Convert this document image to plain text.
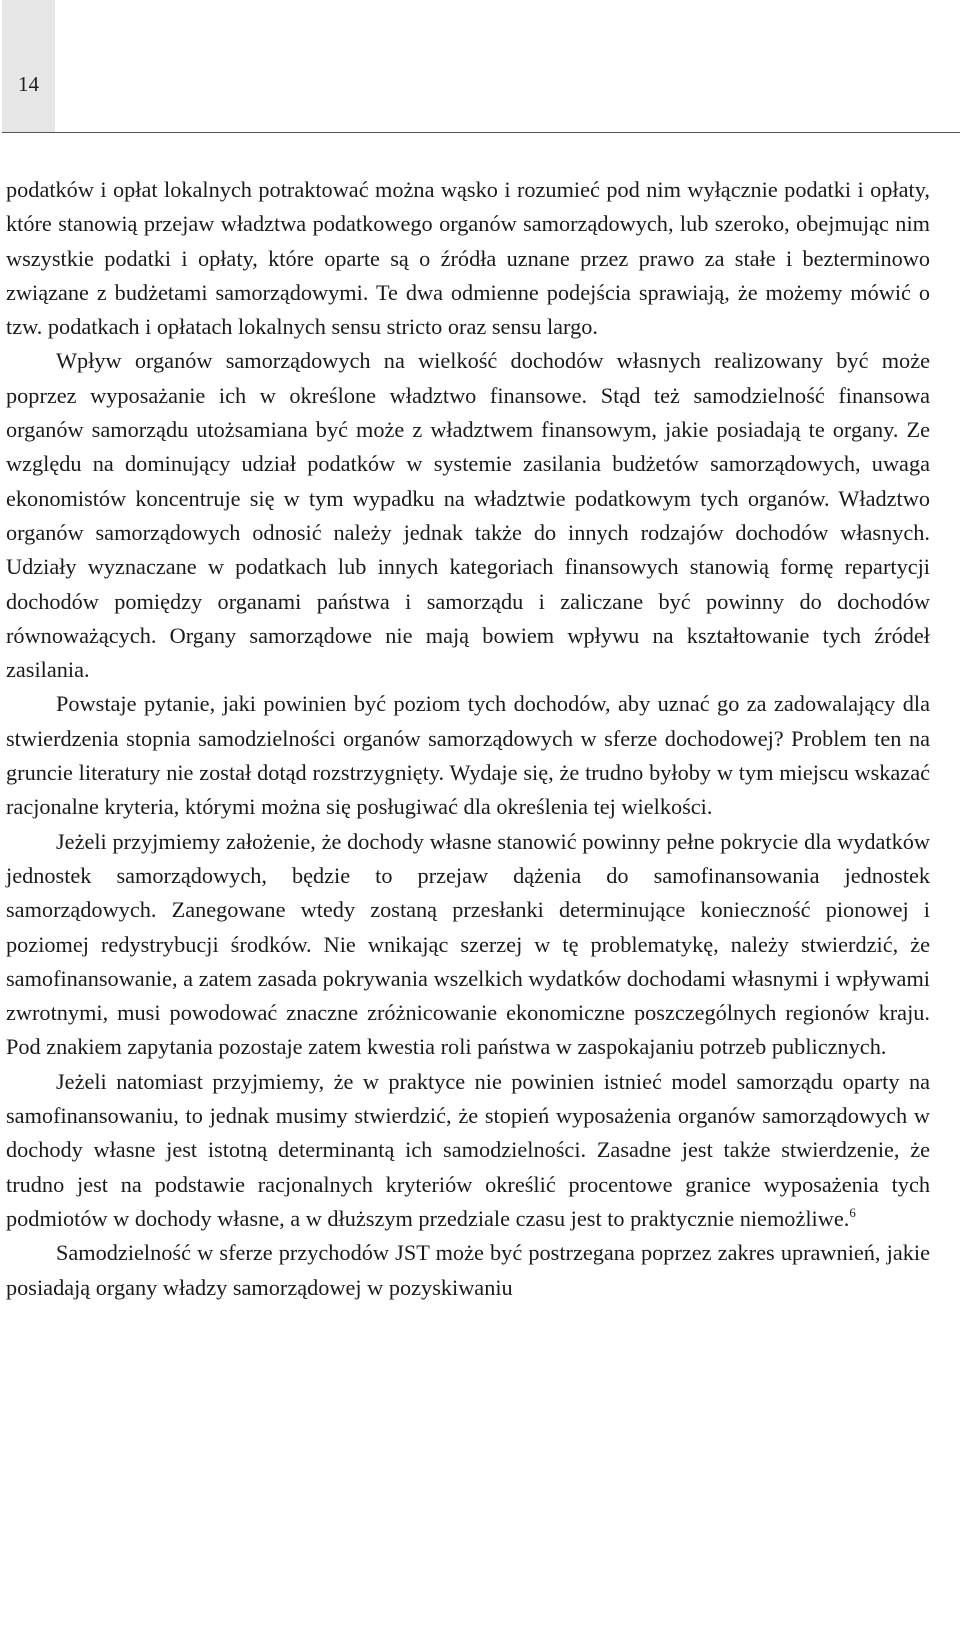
14

podatków i opłat lokalnych potraktować można wąsko i rozumieć pod nim wyłącznie podatki i opłaty, które stanowią przejaw władztwa podatkowego organów samorządowych, lub szeroko, obejmując nim wszystkie podatki i opłaty, które oparte są o źródła uznane przez prawo za stałe i bezterminowo związane z budżetami samorządowymi. Te dwa odmienne podejścia sprawiają, że możemy mówić o tzw. podatkach i opłatach lokalnych sensu stricto oraz sensu largo.

Wpływ organów samorządowych na wielkość dochodów własnych realizowany być może poprzez wyposażanie ich w określone władztwo finansowe. Stąd też samodzielność finansowa organów samorządu utożsamiana być może z władztwem finansowym, jakie posiadają te organy. Ze względu na dominujący udział podatków w systemie zasilania budżetów samorządowych, uwaga ekonomistów koncentruje się w tym wypadku na władztwie podatkowym tych organów. Władztwo organów samorządowych odnosić należy jednak także do innych rodzajów dochodów własnych. Udziały wyznaczane w podatkach lub innych kategoriach finansowych stanowią formę repartycji dochodów pomiędzy organami państwa i samorządu i zaliczane być powinny do dochodów równoważących. Organy samorządowe nie mają bowiem wpływu na kształtowanie tych źródeł zasilania.

Powstaje pytanie, jaki powinien być poziom tych dochodów, aby uznać go za zadowalający dla stwierdzenia stopnia samodzielności organów samorządowych w sferze dochodowej? Problem ten na gruncie literatury nie został dotąd rozstrzygnięty. Wydaje się, że trudno byłoby w tym miejscu wskazać racjonalne kryteria, którymi można się posługiwać dla określenia tej wielkości.

Jeżeli przyjmiemy założenie, że dochody własne stanowić powinny pełne pokrycie dla wydatków jednostek samorządowych, będzie to przejaw dążenia do samofinansowania jednostek samorządowych. Zanegowane wtedy zostaną przesłanki determinujące konieczność pionowej i poziomej redystrybucji środków. Nie wnikając szerzej w tę problematykę, należy stwierdzić, że samofinansowanie, a zatem zasada pokrywania wszelkich wydatków dochodami własnymi i wpływami zwrotnymi, musi powodować znaczne zróżnicowanie ekonomiczne poszczególnych regionów kraju. Pod znakiem zapytania pozostaje zatem kwestia roli państwa w zaspokajaniu potrzeb publicznych.

Jeżeli natomiast przyjmiemy, że w praktyce nie powinien istnieć model samorządu oparty na samofinansowaniu, to jednak musimy stwierdzić, że stopień wyposażenia organów samorządowych w dochody własne jest istotną determinantą ich samodzielności. Zasadne jest także stwierdzenie, że trudno jest na podstawie racjonalnych kryteriów określić procentowe granice wyposażenia tych podmiotów w dochody własne, a w dłuższym przedziale czasu jest to praktycznie niemożliwe.$^6$

Samodzielność w sferze przychodów JST może być postrzegana poprzez zakres uprawnień, jakie posiadają organy władzy samorządowej w pozyskiwaniu
